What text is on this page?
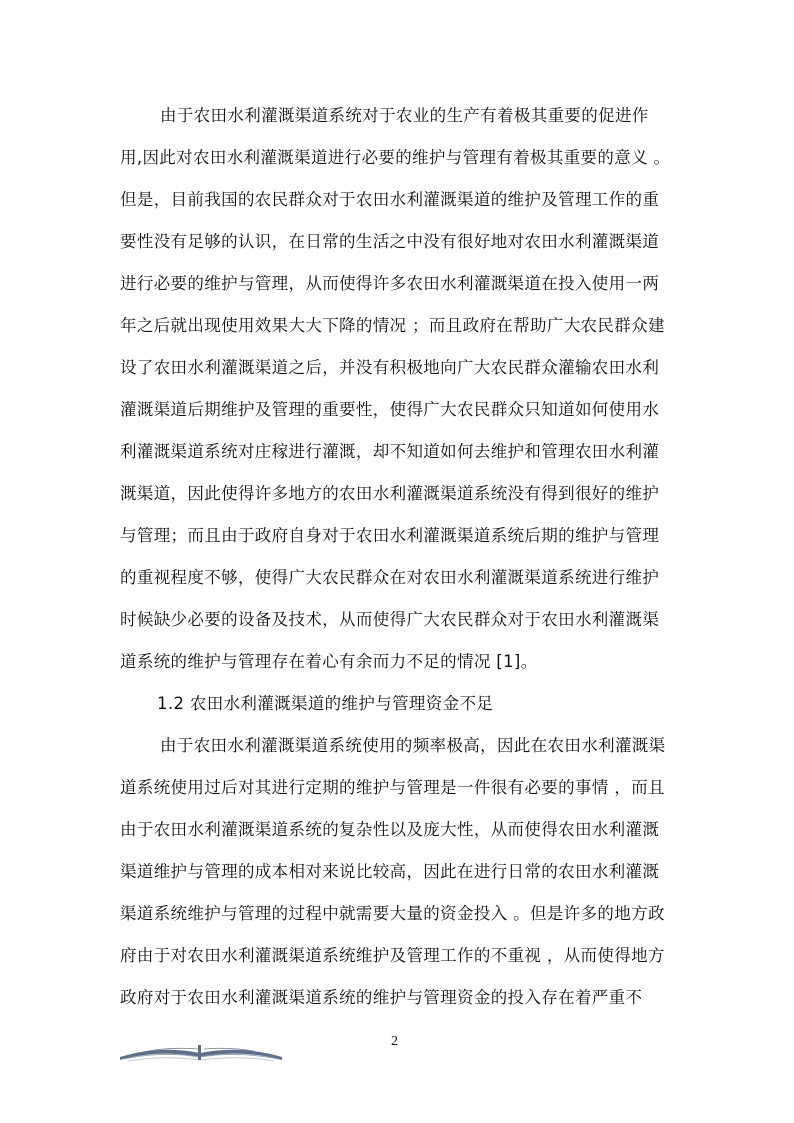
由于农田水利灌溉渠道系统对于农业的生产有着极其重要的促进作
用,因此对农田水利灌溉渠道进行必要的维护与管理有着极其重要的意义 。
但是，目前我国的农民群众对于农田水利灌溉渠道的维护及管理工作的重
要性没有足够的认识，在日常的生活之中没有很好地对农田水利灌溉渠道
进行必要的维护与管理，从而使得许多农田水利灌溉渠道在投入使用一两
年之后就出现使用效果大大下降的情况 ；而且政府在帮助广大农民群众建
设了农田水利灌溉渠道之后，并没有积极地向广大农民群众灌输农田水利
灌溉渠道后期维护及管理的重要性，使得广大农民群众只知道如何使用水
利灌溉渠道系统对庄稼进行灌溉，却不知道如何去维护和管理农田水利灌
溉渠道，因此使得许多地方的农田水利灌溉渠道系统没有得到很好的维护
与管理；而且由于政府自身对于农田水利灌溉渠道系统后期的维护与管理
的重视程度不够，使得广大农民群众在对农田水利灌溉渠道系统进行维护
时候缺少必要的设备及技术，从而使得广大农民群众对于农田水利灌溉渠
道系统的维护与管理存在着心有余而力不足的情况 [1]。
1.2 农田水利灌溉渠道的维护与管理资金不足
由于农田水利灌溉渠道系统使用的频率极高，因此在农田水利灌溉渠
道系统使用过后对其进行定期的维护与管理是一件很有必要的事情 ，而且
由于农田水利灌溉渠道系统的复杂性以及庞大性，从而使得农田水利灌溉
渠道维护与管理的成本相对来说比较高，因此在进行日常的农田水利灌溉
渠道系统维护与管理的过程中就需要大量的资金投入 。但是许多的地方政
府由于对农田水利灌溉渠道系统维护及管理工作的不重视 ，从而使得地方
政府对于农田水利灌溉渠道系统的维护与管理资金的投入存在着严重不
2
